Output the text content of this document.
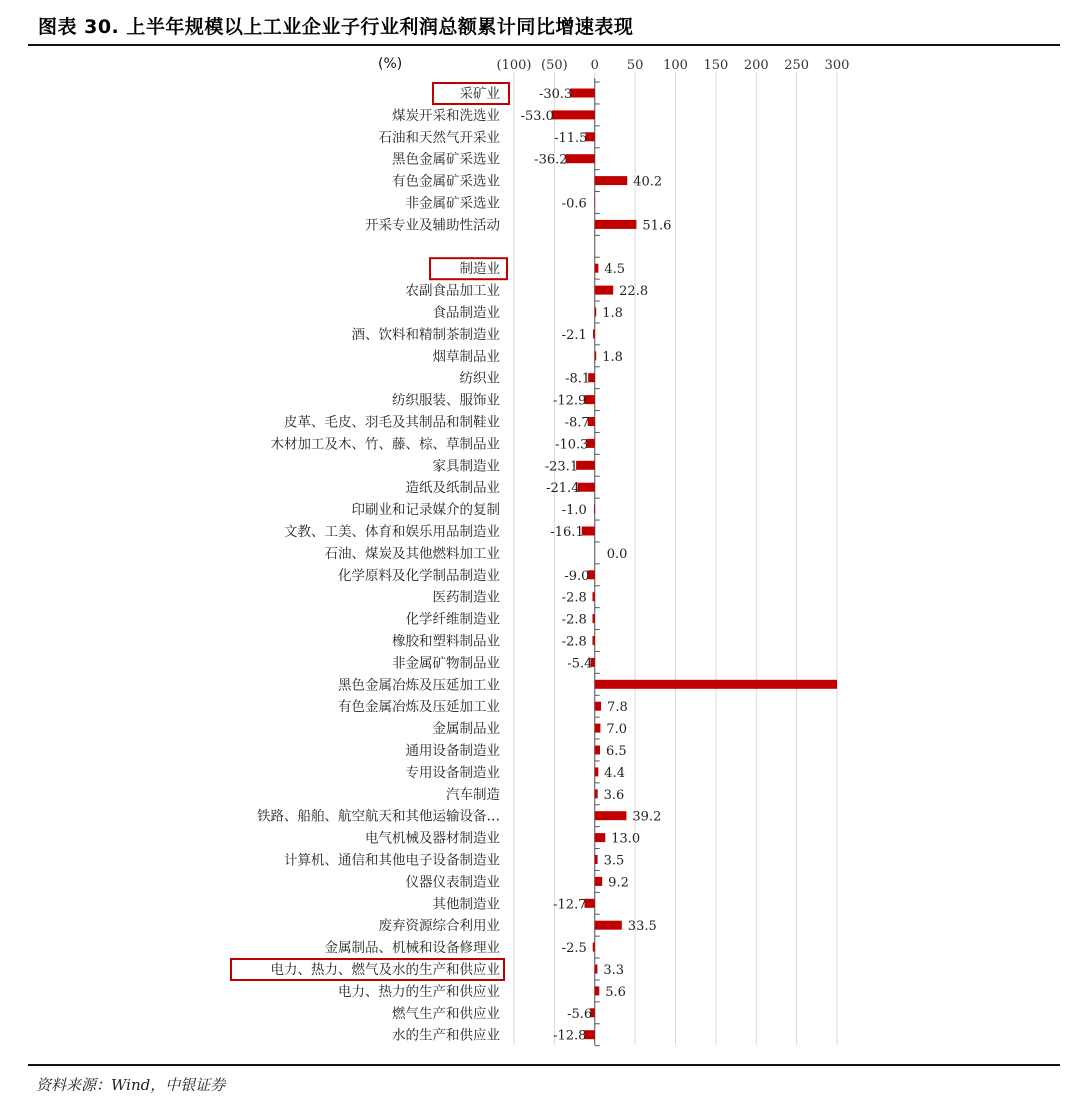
图表 30. 上半年规模以上工业企业子行业利润总额累计同比增速表现
(%)	(100) (50) 0 50 100 150 200 250 300
采矿业	-30.3
煤炭开采和洗选业 -53.0
石油和天然气开采业	-11.5
黑色金属矿采选业	-36.2
有色金属矿采选业	40.2
非金属矿采选业	-0.6
开采专业及辅助性活动	51.6
制造业	4.5
农副食品加工业	22.8
食品制造业	1.8
酒、饮料和精制茶制造业	-2.1
烟草制品业	1.8
纺织业	-8.1
纺织服装、服饰业	-12.9
皮革、毛皮、羽毛及其制品和制鞋业	-8.7
木材加工及木、竹、藤、棕、草制品业	-10.3
家具制造业	-23.1
造纸及纸制品业	-21.4
印刷业和记录媒介的复制	-1.0
文教、工美、体育和娱乐用品制造业	-16.1
石油、煤炭及其他燃料加工业	0.0
化学原料及化学制品制造业	-9.0
医药制造业	-2.8
化学纤维制造业	-2.8
橡胶和塑料制品业	-2.8
非金属矿物制品业	-5.4
黑色金属冶炼及压延加工业
有色金属冶炼及压延加工业	7.8
金属制品业	7.0
通用设备制造业	6.5
专用设备制造业	4.4
汽车制造	3.6
铁路、船舶、航空航天和其他运输设备…	39.2
电气机械及器材制造业	13.0
计算机、通信和其他电子设备制造业	3.5
仪器仪表制造业	9.2
其他制造业	-12.7
废弃资源综合利用业	33.5
金属制品、机械和设备修理业	-2.5
电力、热力、燃气及水的生产和供应业	3.3
电力、热力的生产和供应业	5.6
燃气生产和供应业	-5.6
水的生产和供应业	-12.8
资料来源：Wind，中银证券
